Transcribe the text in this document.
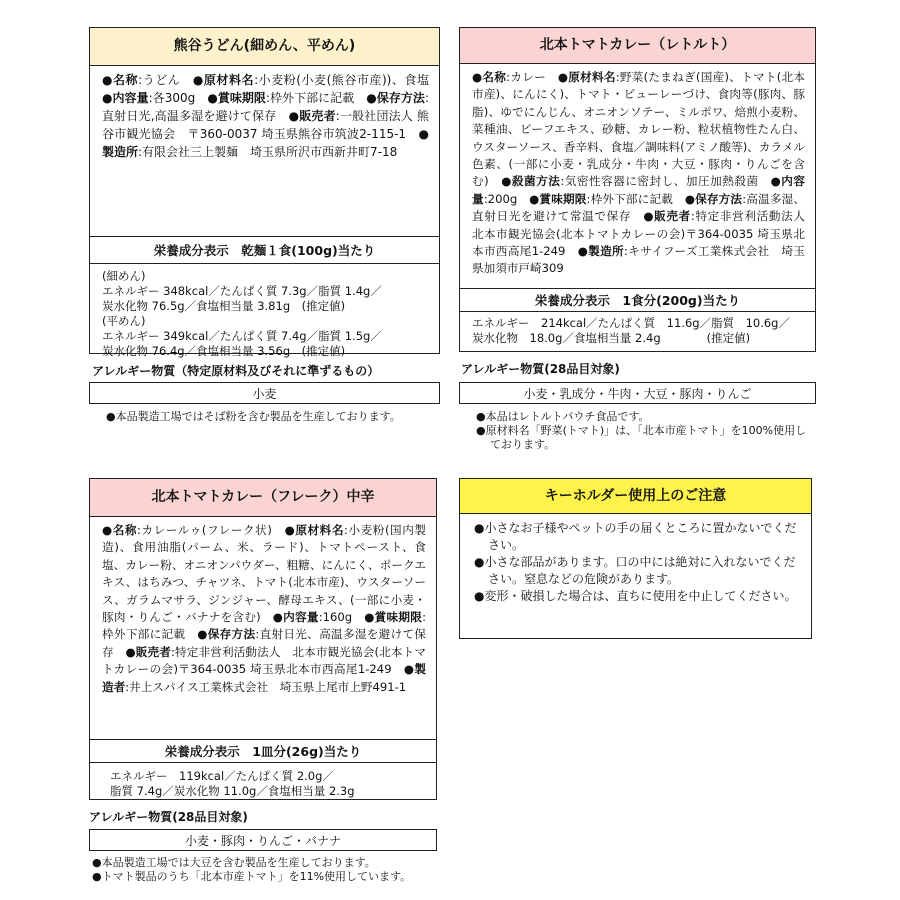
熊谷うどん(細めん、平めん)
●名称:うどん　●原材料名:小麦粉(小麦(熊谷市産))、食塩　●内容量:各300g　●賞味期限:枠外下部に記載　●保存方法:直射日光,高温多湿を避けて保存　●販売者:一般社団法人 熊谷市観光協会　〒360-0037 埼玉県熊谷市筑波2-115-1　●製造所:有限会社三上製麺　埼玉県所沢市西新井町7-18
栄養成分表示　乾麺１食(100g)当たり

(細めん)

エネルギー 348kcal／たんぱく質 7.3g／脂質 1.4g／

炭水化物 76.5g／食塩相当量 3.81g　(推定値)

(平めん)

エネルギー 349kcal／たんぱく質 7.4g／脂質 1.5g／

炭水化物 76.4g／食塩相当量 3.56g　(推定値)

アレルギー物質（特定原材料及びそれに準ずるもの）
小麦

●本品製造工場ではそば粉を含む製品を生産しております。

北本トマトカレー（レトルト）
●名称:カレー　●原材料名:野菜(たまねぎ(国産)、トマト(北本市産)、にんにく)、トマト・ピューレーづけ、食肉等(豚肉、豚脂)、ゆでにんじん、オニオンソテー、ミルポワ、焙煎小麦粉、菜種油、ビーフエキス、砂糖、カレー粉、粒状植物性たん白、ウスターソース、香辛料、食塩／調味料(アミノ酸等)、カラメル色素、(一部に小麦・乳成分・牛肉・大豆・豚肉・りんごを含む)　●殺菌方法:気密性容器に密封し、加圧加熱殺菌　●内容量:200g　●賞味期限:枠外下部に記載　●保存方法:高温多湿、直射日光を避けて常温で保存　●販売者:特定非営利活動法人　北本市観光協会(北本トマトカレーの会)〒364-0035 埼玉県北本市西高尾1-249　●製造所:キサイフーズ工業株式会社　埼玉県加須市戸崎309
栄養成分表示　1食分(200g)当たり

エネルギー　214kcal／たんぱく質　11.6g／脂質　10.6g／

炭水化物　18.0g／食塩相当量 2.4g　　　　(推定値)

アレルギー物質(28品目対象)
小麦・乳成分・牛肉・大豆・豚肉・りんご

●本品はレトルトパウチ食品です。

●原材料名「野菜(トマト)」は、「北本市産トマト」を100%使用しております。

北本トマトカレー（フレーク）中辛
●名称:カレールゥ(フレーク状)　●原材料名:小麦粉(国内製造)、食用油脂(パーム、米、ラード)、トマトペースト、食塩、カレー粉、オニオンパウダー、粗糖、にんにく、ポークエキス、はちみつ、チャツネ、トマト(北本市産)、ウスターソース、ガラムマサラ、ジンジャー、酵母エキス、(一部に小麦・豚肉・りんご・バナナを含む)　●内容量:160g　●賞味期限:枠外下部に記載　●保存方法:直射日光、高温多湿を避けて保存　●販売者:特定非営利活動法人　北本市観光協会(北本トマトカレーの会)〒364-0035 埼玉県北本市西高尾1-249　●製造者:井上スパイス工業株式会社　埼玉県上尾市上野491-1
栄養成分表示　1皿分(26g)当たり

エネルギー　119kcal／たんぱく質 2.0g／

脂質 7.4g／炭水化物 11.0g／食塩相当量 2.3g

アレルギー物質(28品目対象)
小麦・豚肉・りんご・バナナ

●本品製造工場では大豆を含む製品を生産しております。

●トマト製品のうち「北本市産トマト」を11%使用しています。

キーホルダー使用上のご注意

●小さなお子様やペットの手の届くところに置かないでください。

●小さな部品があります。口の中には絶対に入れないでください。窒息などの危険があります。

●変形・破損した場合は、直ちに使用を中止してください。
